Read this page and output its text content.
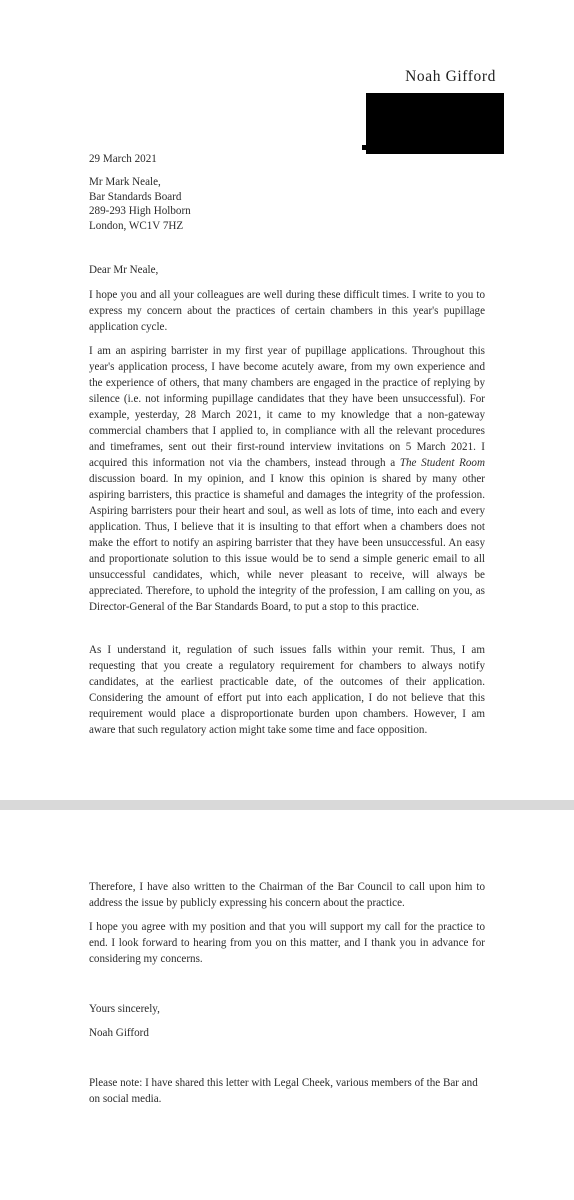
Noah Gifford

29 March 2021

Mr Mark Neale,

Bar Standards Board

289-293 High Holborn

London, WC1V 7HZ

Dear Mr Neale,

I hope you and all your colleagues are well during these difficult times. I write to you to express my concern about the practices of certain chambers in this year's pupillage application cycle.

I am an aspiring barrister in my first year of pupillage applications. Throughout this year's application process, I have become acutely aware, from my own experience and the experience of others, that many chambers are engaged in the practice of replying by silence (i.e. not informing pupillage candidates that they have been unsuccessful). For example, yesterday, 28 March 2021, it came to my knowledge that a non-gateway commercial chambers that I applied to, in compliance with all the relevant procedures and timeframes, sent out their first-round interview invitations on 5 March 2021. I acquired this information not via the chambers, instead through a The Student Room discussion board. In my opinion, and I know this opinion is shared by many other aspiring barristers, this practice is shameful and damages the integrity of the profession. Aspiring barristers pour their heart and soul, as well as lots of time, into each and every application. Thus, I believe that it is insulting to that effort when a chambers does not make the effort to notify an aspiring barrister that they have been unsuccessful. An easy and proportionate solution to this issue would be to send a simple generic email to all unsuccessful candidates, which, while never pleasant to receive, will always be appreciated. Therefore, to uphold the integrity of the profession, I am calling on you, as Director-General of the Bar Standards Board, to put a stop to this practice.

As I understand it, regulation of such issues falls within your remit. Thus, I am requesting that you create a regulatory requirement for chambers to always notify candidates, at the earliest practicable date, of the outcomes of their application. Considering the amount of effort put into each application, I do not believe that this requirement would place a disproportionate burden upon chambers. However, I am aware that such regulatory action might take some time and face opposition.

Therefore, I have also written to the Chairman of the Bar Council to call upon him to address the issue by publicly expressing his concern about the practice.

I hope you agree with my position and that you will support my call for the practice to end. I look forward to hearing from you on this matter, and I thank you in advance for considering my concerns.

Yours sincerely,

Noah Gifford

Please note: I have shared this letter with Legal Cheek, various members of the Bar and on social media.
